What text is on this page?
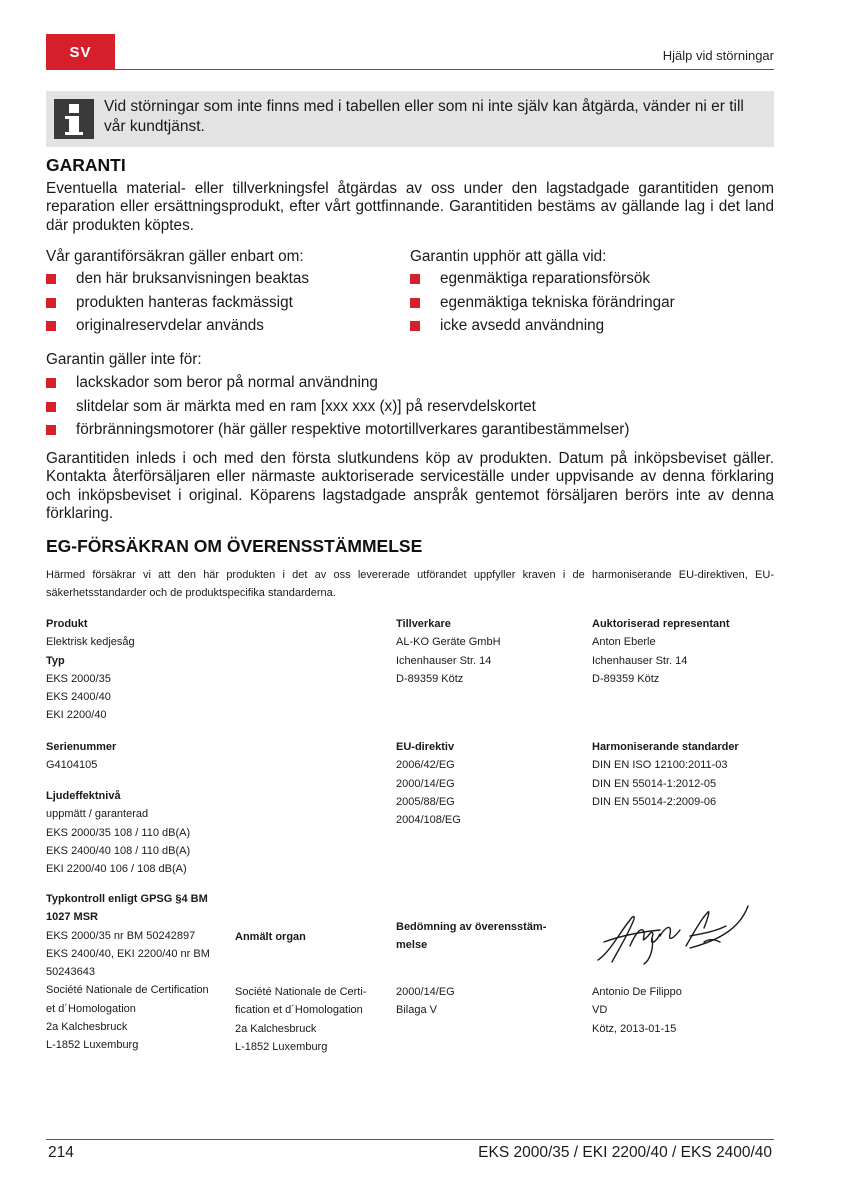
SV	Hjälp vid störningar
Vid störningar som inte finns med i tabellen eller som ni inte själv kan åtgärda, vänder ni er till vår kundtjänst.
GARANTI
Eventuella material- eller tillverkningsfel åtgärdas av oss under den lagstadgade garantitiden genom reparation eller ersättningsprodukt, efter vårt gottfinnande. Garantitiden bestäms av gällande lag i det land där produkten köptes.
Vår garantiförsäkran gäller enbart om:
den här bruksanvisningen beaktas
produkten hanteras fackmässigt
originalreservdelar används
Garantin upphör att gälla vid:
egenmäktiga reparationsförsök
egenmäktiga tekniska förändringar
icke avsedd användning
Garantin gäller inte för:
lackskador som beror på normal användning
slitdelar som är märkta med en ram [xxx xxx (x)] på reservdelskortet
förbränningsmotorer (här gäller respektive motortillverkares garantibestämmelser)
Garantitiden inleds i och med den första slutkundens köp av produkten. Datum på inköpsbeviset gäller. Kontakta återförsäljaren eller närmaste auktoriserade serviceställe under uppvisande av denna förklaring och inköpsbeviset i original. Köparens lagstadgade anspråk gentemot försäljaren berörs inte av denna förklaring.
EG-FÖRSÄKRAN OM ÖVERENSSTÄMMELSE
Härmed försäkrar vi att den här produkten i det av oss levererade utförandet uppfyller kraven i de harmoniserande EU-direktiven, EU-säkerhetsstandarder och de produktspecifika standarderna.
Produkt
Elektrisk kedjesåg
Typ
EKS 2000/35
EKS 2400/40
EKI 2200/40
Tillverkare
AL-KO Geräte GmbH
Ichenhauser Str. 14
D-89359 Kötz
Auktoriserad representant
Anton Eberle
Ichenhauser Str. 14
D-89359 Kötz
Serienummer
G4104105
Ljudeffektnivå
uppmätt / garanterad
EKS 2000/35 108 / 110 dB(A)
EKS 2400/40 108 / 110 dB(A)
EKI 2200/40 106 / 108 dB(A)
EU-direktiv
2006/42/EG
2000/14/EG
2005/88/EG
2004/108/EG
Harmoniserande standarder
DIN EN ISO 12100:2011-03
DIN EN 55014-1:2012-05
DIN EN 55014-2:2009-06
Typkontroll enligt GPSG §4 BM
1027 MSR
EKS 2000/35 nr BM 50242897
EKS 2400/40, EKI 2200/40 nr BM
50243643
Société Nationale de Certification
et d´Homologation
2a Kalchesbruck
L-1852 Luxemburg
Anmält organ
Société Nationale de Certi-
fication et d´Homologation
2a Kalchesbruck
L-1852 Luxemburg
Bedömning av överensstäm-
melse
2000/14/EG
Bilaga V
Antonio De Filippo
VD
Kötz, 2013-01-15
214	EKS 2000/35 / EKI 2200/40 / EKS 2400/40
